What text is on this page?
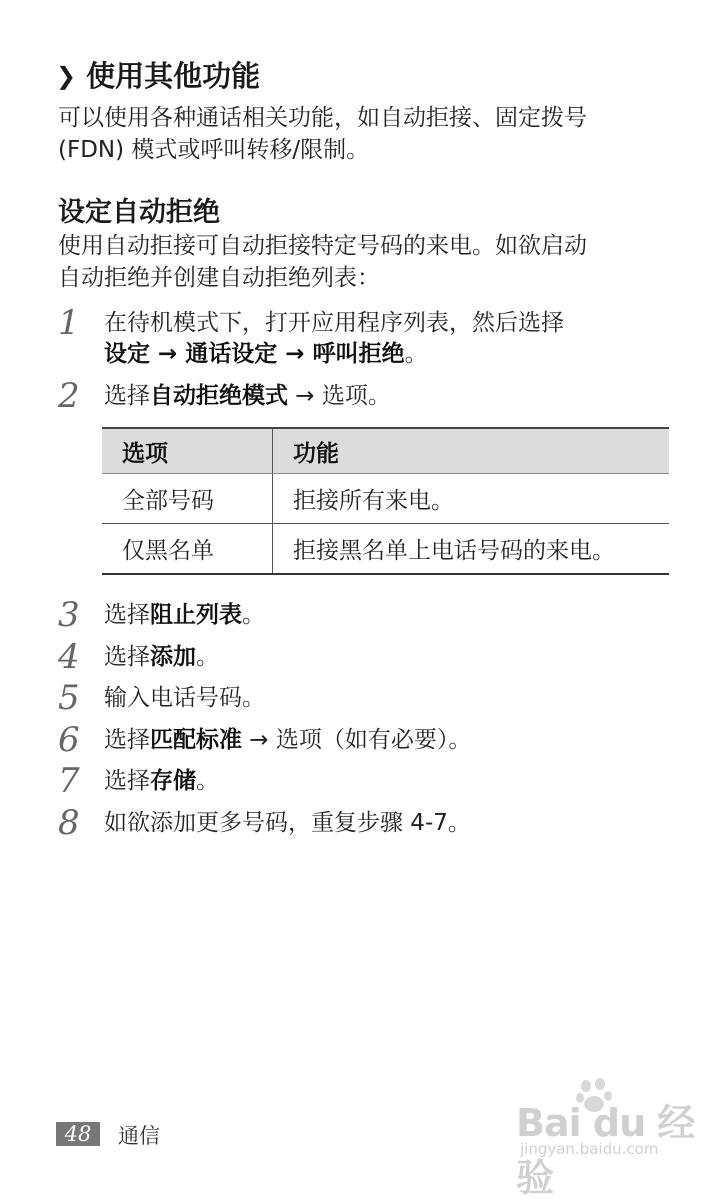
❯ 使用其他功能
可以使用各种通话相关功能，如自动拒接、固定拨号
(FDN) 模式或呼叫转移/限制。
设定自动拒绝
使用自动拒接可自动拒接特定号码的来电。如欲启动
自动拒绝并创建自动拒绝列表：
1 在待机模式下，打开应用程序列表，然后选择
设定 → 通话设定 → 呼叫拒绝。
2 选择自动拒绝模式 → 选项。
选项	功能
全部号码	拒接所有来电。
仅黑名单	拒接黑名单上电话号码的来电。
3 选择阻止列表。
4 选择添加。
5 输入电话号码。
6 选择匹配标准 → 选项（如有必要）。
7 选择存储。
8 如欲添加更多号码，重复步骤 4-7。
48	通信	Bai du 经验
jingyan.baidu.com
